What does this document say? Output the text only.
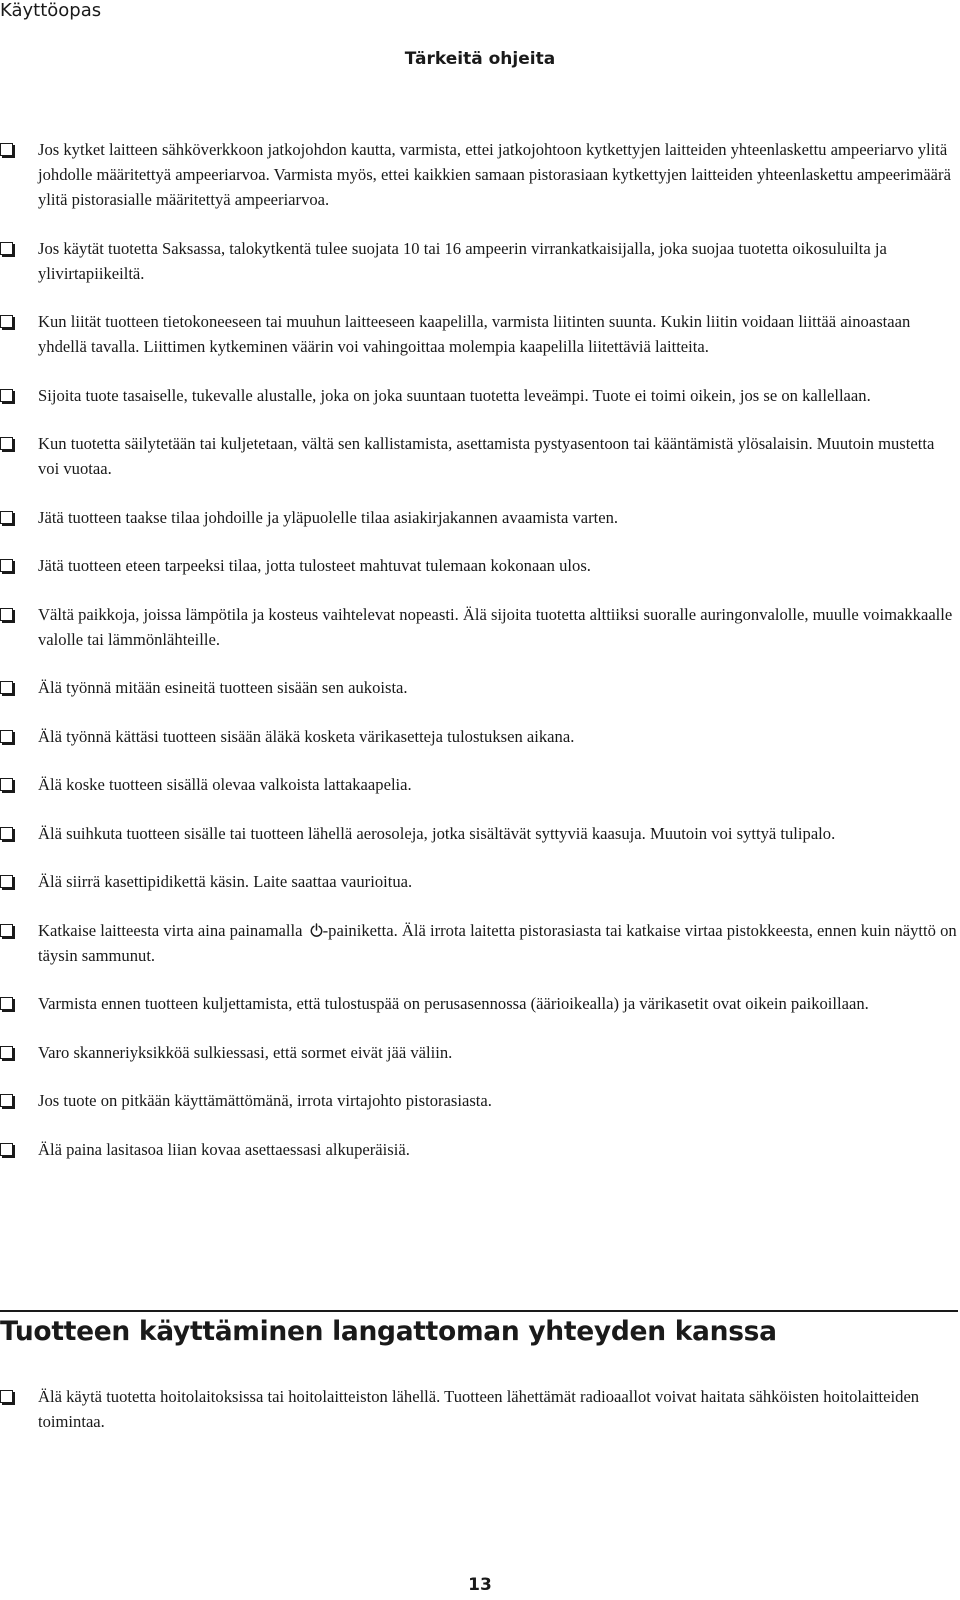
Käyttöopas
Tärkeitä ohjeita
Jos kytket laitteen sähköverkkoon jatkojohdon kautta, varmista, ettei jatkojohtoon kytkettyjen laitteiden yhteenlaskettu ampeeriarvo ylitä johdolle määritettyä ampeeriarvoa. Varmista myös, ettei kaikkien samaan pistorasiaan kytkettyjen laitteiden yhteenlaskettu ampeerimäärä ylitä pistorasialle määritettyä ampeeriarvoa.
Jos käytät tuotetta Saksassa, talokytkentä tulee suojata 10 tai 16 ampeerin virrankatkaisijalla, joka suojaa tuotetta oikosuluilta ja ylivirtapiikeiltä.
Kun liität tuotteen tietokoneeseen tai muuhun laitteeseen kaapelilla, varmista liitinten suunta. Kukin liitin voidaan liittää ainoastaan yhdellä tavalla. Liittimen kytkeminen väärin voi vahingoittaa molempia kaapelilla liitettäviä laitteita.
Sijoita tuote tasaiselle, tukevalle alustalle, joka on joka suuntaan tuotetta leveämpi. Tuote ei toimi oikein, jos se on kallellaan.
Kun tuotetta säilytetään tai kuljetetaan, vältä sen kallistamista, asettamista pystyasentoon tai kääntämistä ylösalaisin. Muutoin mustetta voi vuotaa.
Jätä tuotteen taakse tilaa johdoille ja yläpuolelle tilaa asiakirjakannen avaamista varten.
Jätä tuotteen eteen tarpeeksi tilaa, jotta tulosteet mahtuvat tulemaan kokonaan ulos.
Vältä paikkoja, joissa lämpötila ja kosteus vaihtelevat nopeasti. Älä sijoita tuotetta alttiiksi suoralle auringonvalolle, muulle voimakkaalle valolle tai lämmönlähteille.
Älä työnnä mitään esineitä tuotteen sisään sen aukoista.
Älä työnnä kättäsi tuotteen sisään äläkä kosketa värikasetteja tulostuksen aikana.
Älä koske tuotteen sisällä olevaa valkoista lattakaapelia.
Älä suihkuta tuotteen sisälle tai tuotteen lähellä aerosoleja, jotka sisältävät syttyviä kaasuja. Muutoin voi syttyä tulipalo.
Älä siirrä kasettipidikettä käsin. Laite saattaa vaurioitua.
Katkaise laitteesta virta aina painamalla -painiketta. Älä irrota laitetta pistorasiasta tai katkaise virtaa pistokkeesta, ennen kuin näyttö on täysin sammunut.
Varmista ennen tuotteen kuljettamista, että tulostuspää on perusasennossa (äärioikealla) ja värikasetit ovat oikein paikoillaan.
Varo skanneriyksikköä sulkiessasi, että sormet eivät jää väliin.
Jos tuote on pitkään käyttämättömänä, irrota virtajohto pistorasiasta.
Älä paina lasitasoa liian kovaa asettaessasi alkuperäisiä.
Tuotteen käyttäminen langattoman yhteyden kanssa
Älä käytä tuotetta hoitolaitoksissa tai hoitolaitteiston lähellä. Tuotteen lähettämät radioaallot voivat haitata sähköisten hoitolaitteiden toimintaa.
13
